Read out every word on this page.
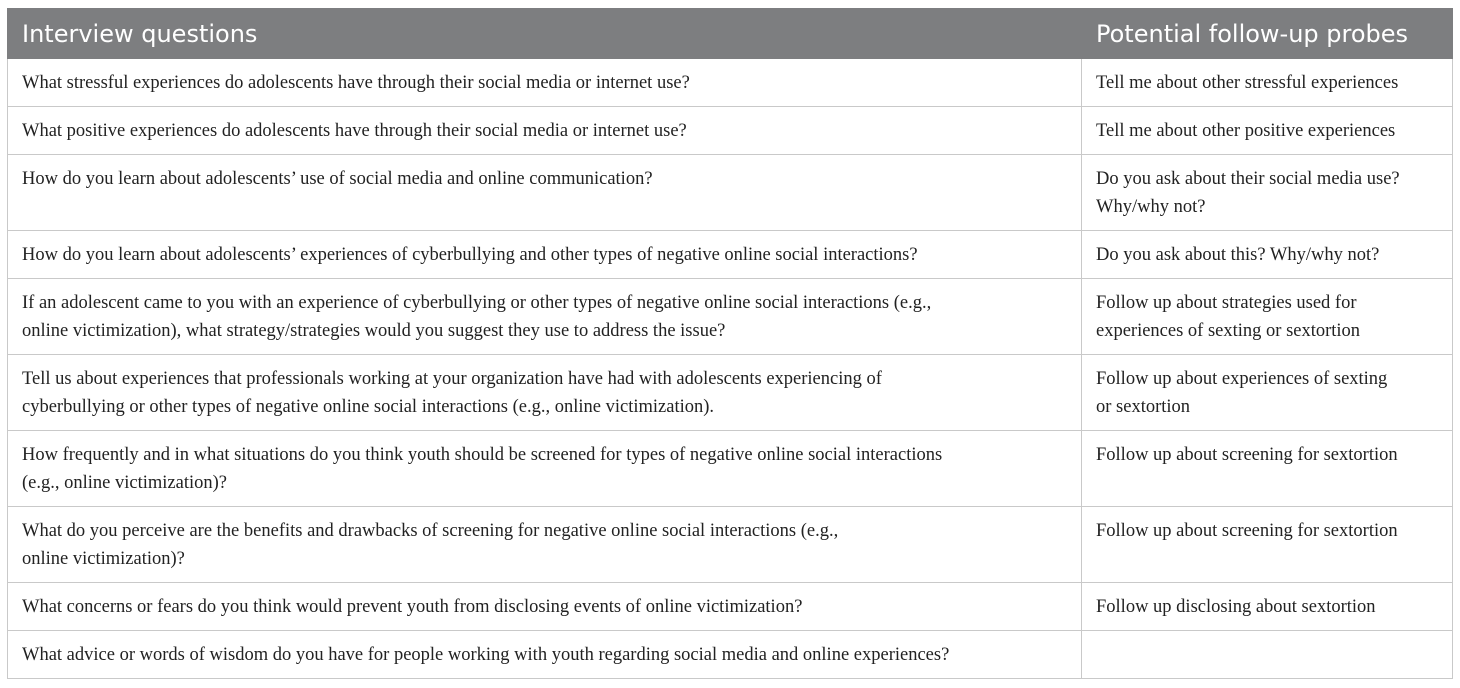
Interview questions	Potential follow-up probes

What stressful experiences do adolescents have through their social media or internet use?	Tell me about other stressful experiences

What positive experiences do adolescents have through their social media or internet use?	Tell me about other positive experiences

How do you learn about adolescents’ use of social media and online communication?	Do you ask about their social media use?
Why/why not?

How do you learn about adolescents’ experiences of cyberbullying and other types of negative online social interactions?	Do you ask about this? Why/why not?

If an adolescent came to you with an experience of cyberbullying or other types of negative online social interactions (e.g.,
online victimization), what strategy/strategies would you suggest they use to address the issue?	Follow up about strategies used for
experiences of sexting or sextortion

Tell us about experiences that professionals working at your organization have had with adolescents experiencing of
cyberbullying or other types of negative online social interactions (e.g., online victimization).	Follow up about experiences of sexting
or sextortion

How frequently and in what situations do you think youth should be screened for types of negative online social interactions
(e.g., online victimization)?	Follow up about screening for sextortion

What do you perceive are the benefits and drawbacks of screening for negative online social interactions (e.g.,
online victimization)?	Follow up about screening for sextortion

What concerns or fears do you think would prevent youth from disclosing events of online victimization?	Follow up disclosing about sextortion

What advice or words of wisdom do you have for people working with youth regarding social media and online experiences?	
